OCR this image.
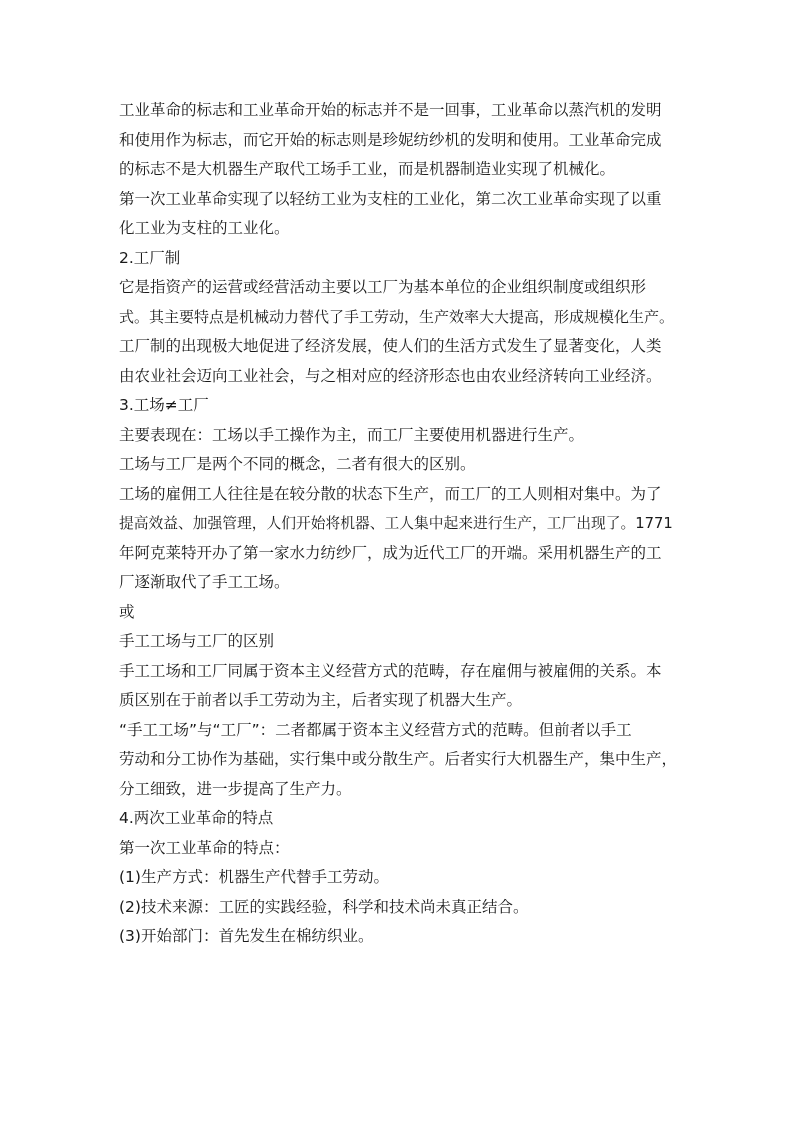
工业革命的标志和工业革命开始的标志并不是一回事，工业革命以蒸汽机的发明
和使用作为标志，而它开始的标志则是珍妮纺纱机的发明和使用。工业革命完成
的标志不是大机器生产取代工场手工业，而是机器制造业实现了机械化。
第一次工业革命实现了以轻纺工业为支柱的工业化，第二次工业革命实现了以重
化工业为支柱的工业化。
2.工厂制
它是指资产的运营或经营活动主要以工厂为基本单位的企业组织制度或组织形
式。其主要特点是机械动力替代了手工劳动，生产效率大大提高，形成规模化生产。
工厂制的出现极大地促进了经济发展，使人们的生活方式发生了显著变化，人类
由农业社会迈向工业社会，与之相对应的经济形态也由农业经济转向工业经济。
3.工场≠工厂
主要表现在：工场以手工操作为主，而工厂主要使用机器进行生产。
工场与工厂是两个不同的概念，二者有很大的区别。
工场的雇佣工人往往是在较分散的状态下生产，而工厂的工人则相对集中。为了
提高效益、加强管理，人们开始将机器、工人集中起来进行生产，工厂出现了。1771
年阿克莱特开办了第一家水力纺纱厂，成为近代工厂的开端。采用机器生产的工
厂逐渐取代了手工工场。
或
手工工场与工厂的区别
手工工场和工厂同属于资本主义经营方式的范畴，存在雇佣与被雇佣的关系。本
质区别在于前者以手工劳动为主，后者实现了机器大生产。
“手工工场”与“工厂”：二者都属于资本主义经营方式的范畴。但前者以手工
劳动和分工协作为基础，实行集中或分散生产。后者实行大机器生产，集中生产，
分工细致，进一步提高了生产力。
4.两次工业革命的特点
第一次工业革命的特点：
(1)生产方式：机器生产代替手工劳动。
(2)技术来源：工匠的实践经验，科学和技术尚未真正结合。
(3)开始部门：首先发生在棉纺织业。
